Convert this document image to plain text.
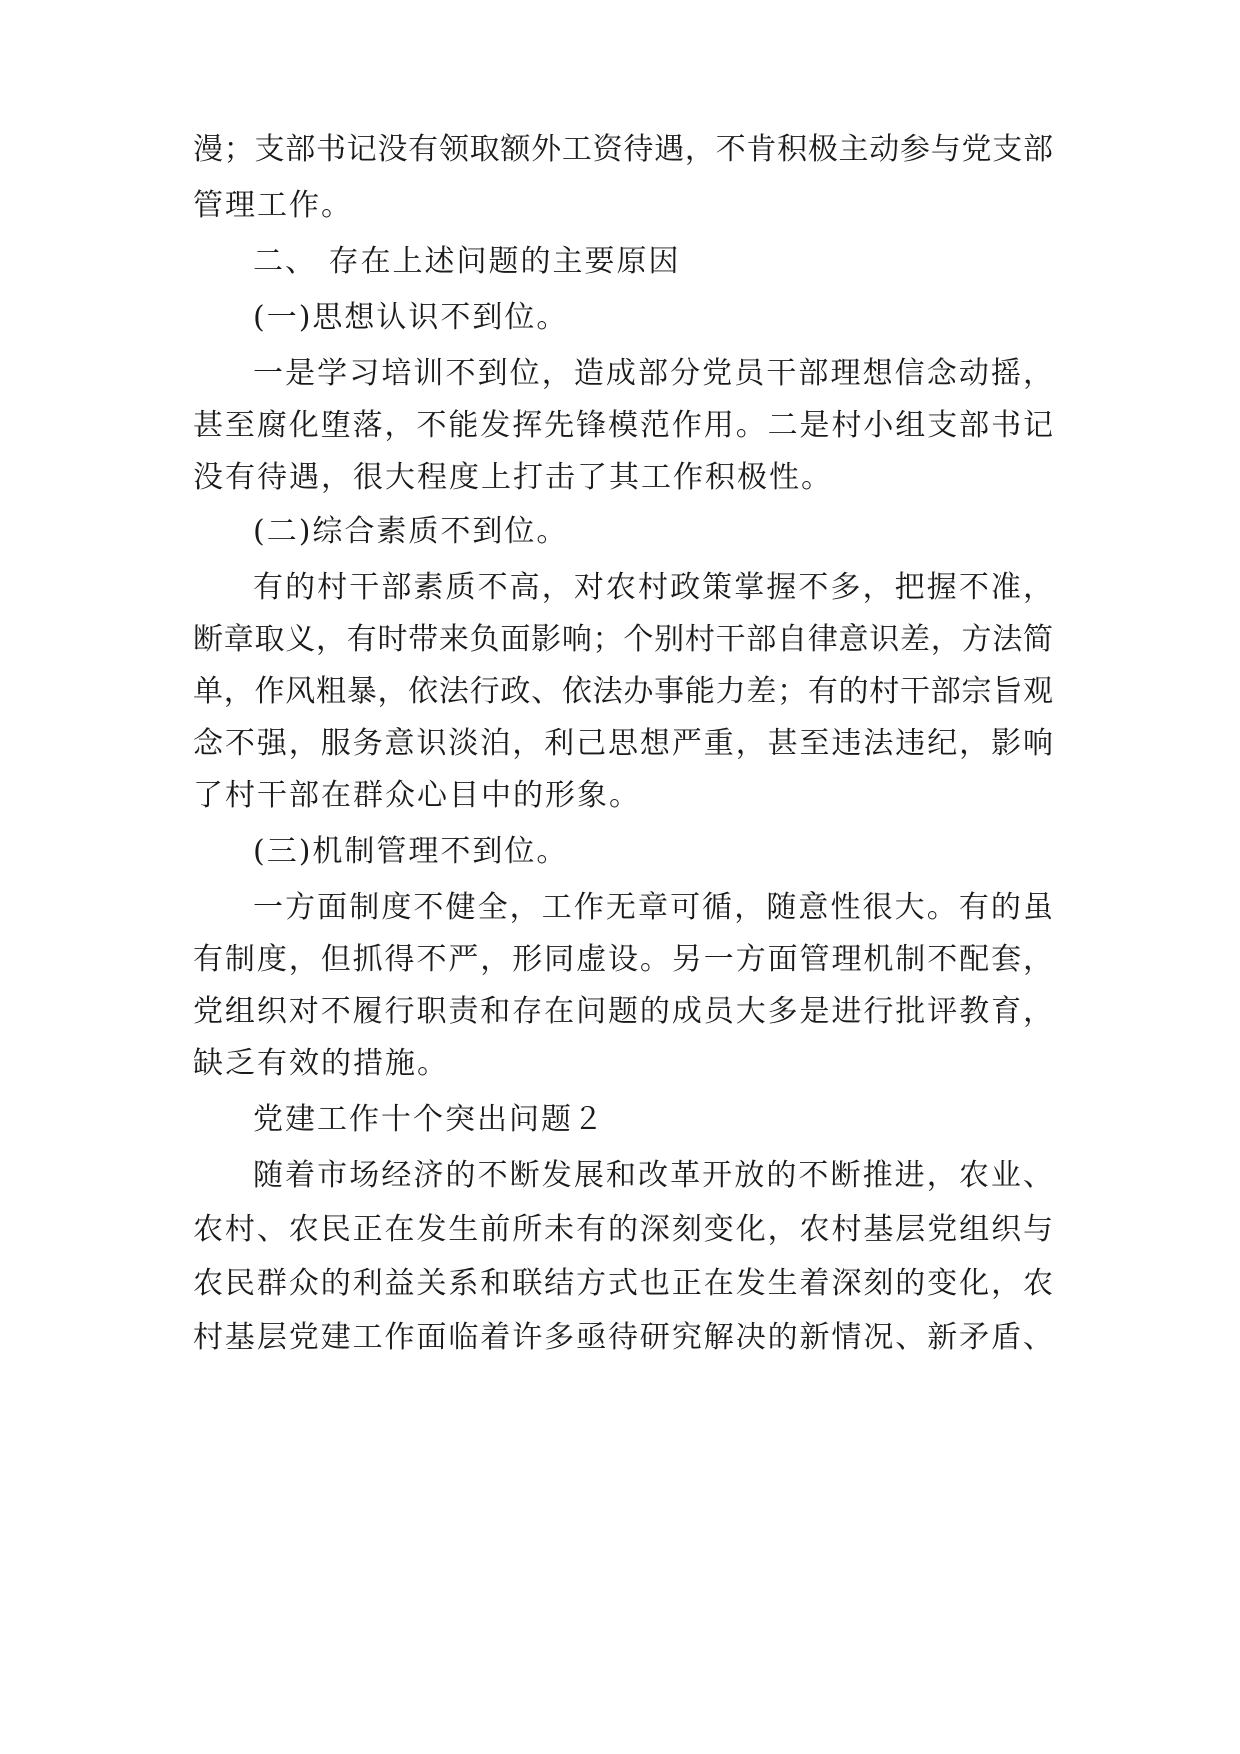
漫；支部书记没有领取额外工资待遇，不肯积极主动参与党支部
管理工作。
二、 存在上述问题的主要原因
(一)思想认识不到位。
一是学习培训不到位，造成部分党员干部理想信念动摇，
甚至腐化堕落，不能发挥先锋模范作用。二是村小组支部书记
没有待遇，很大程度上打击了其工作积极性。
(二)综合素质不到位。
有的村干部素质不高，对农村政策掌握不多，把握不准，
断章取义，有时带来负面影响；个别村干部自律意识差，方法简
单，作风粗暴，依法行政、依法办事能力差；有的村干部宗旨观
念不强，服务意识淡泊，利己思想严重，甚至违法违纪，影响
了村干部在群众心目中的形象。
(三)机制管理不到位。
一方面制度不健全，工作无章可循，随意性很大。有的虽
有制度，但抓得不严，形同虚设。另一方面管理机制不配套，
党组织对不履行职责和存在问题的成员大多是进行批评教育，
缺乏有效的措施。
党建工作十个突出问题２
随着市场经济的不断发展和改革开放的不断推进，农业、
农村、农民正在发生前所未有的深刻变化，农村基层党组织与
农民群众的利益关系和联结方式也正在发生着深刻的变化，农
村基层党建工作面临着许多亟待研究解决的新情况、新矛盾、
